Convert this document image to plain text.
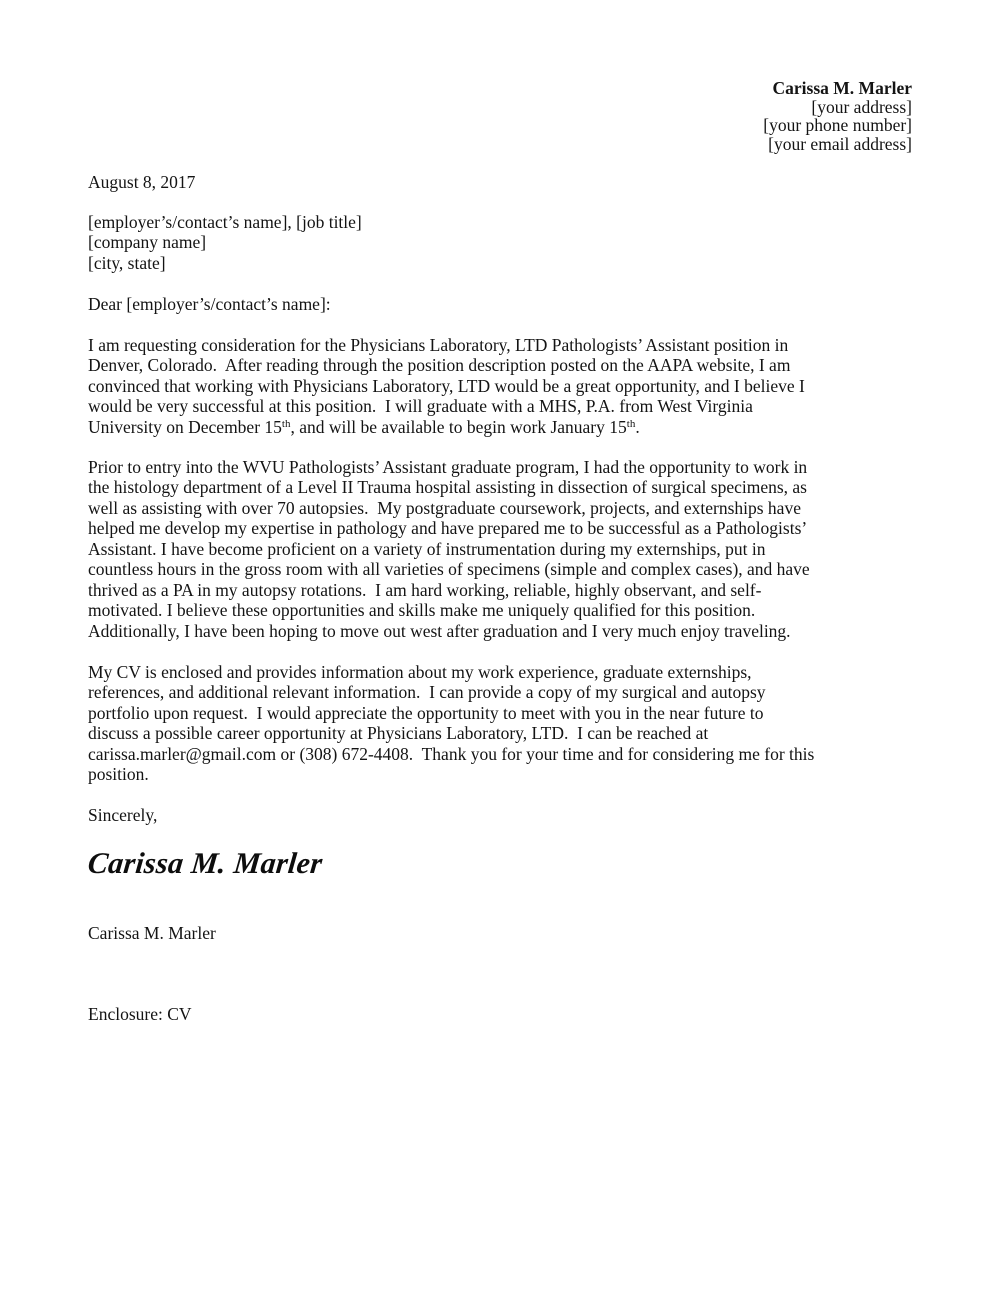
Carissa M. Marler
[your address]
[your phone number]
[your email address]
August 8, 2017
[employer’s/contact’s name], [job title]
[company name]
[city, state]
Dear [employer’s/contact’s name]:
I am requesting consideration for the Physicians Laboratory, LTD Pathologists’ Assistant position in
Denver, Colorado.  After reading through the position description posted on the AAPA website, I am
convinced that working with Physicians Laboratory, LTD would be a great opportunity, and I believe I
would be very successful at this position.  I will graduate with a MHS, P.A. from West Virginia
University on December 15th, and will be available to begin work January 15th.
Prior to entry into the WVU Pathologists’ Assistant graduate program, I had the opportunity to work in
the histology department of a Level II Trauma hospital assisting in dissection of surgical specimens, as
well as assisting with over 70 autopsies.  My postgraduate coursework, projects, and externships have
helped me develop my expertise in pathology and have prepared me to be successful as a Pathologists’
Assistant. I have become proficient on a variety of instrumentation during my externships, put in
countless hours in the gross room with all varieties of specimens (simple and complex cases), and have
thrived as a PA in my autopsy rotations.  I am hard working, reliable, highly observant, and self-
motivated. I believe these opportunities and skills make me uniquely qualified for this position.
Additionally, I have been hoping to move out west after graduation and I very much enjoy traveling.
My CV is enclosed and provides information about my work experience, graduate externships,
references, and additional relevant information.  I can provide a copy of my surgical and autopsy
portfolio upon request.  I would appreciate the opportunity to meet with you in the near future to
discuss a possible career opportunity at Physicians Laboratory, LTD.  I can be reached at
carissa.marler@gmail.com or (308) 672-4408.  Thank you for your time and for considering me for this
position.
Sincerely,
Carissa M. Marler
Carissa M. Marler
Enclosure: CV
